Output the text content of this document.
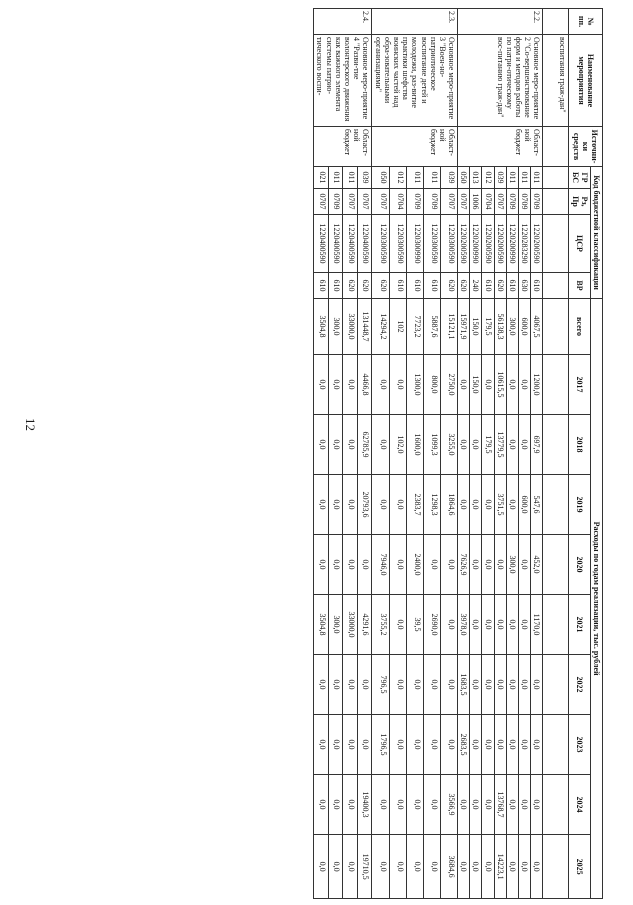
12
№ пп.	Наименование мероприятия	Источни-ки средств	Код бюджетной классификации				Расходы по годам реализации, тыс. рублей									
			ГР БС	Рз, Пр	ЦСР	ВР	всего	2017	2018	2019	2020	2021	2022	2023	2024	2025
	воспитания граж-дан"															
2.2.	Основное меро-приятие 2 "Со-вершенствование форм и методов работы по патри-отическому вос-питанию граж-дан"	Област-ной бюджет	011	0709	1220200590	610	4067,5	1200,0	697,9	547,6	452,0	1170,0	0,0	0,0	0,0	0,0
			011	0709	1220283290	630	600,0	0,0	0,0	600,0	0,0	0,0	0,0	0,0	0,0	0,0
			011	0709	1220200990	610	300,0	0,0	0,0	0,0	300,0	0,0	0,0	0,0	0,0	0,0
			039	0707	1220200590	620	56138,3	10615,5	13779,5	3751,5	0,0	0,0	0,0	0,0	13768,7	14223,1
			012	0704	1220200590	610	179,5	0,0	179,5	0,0	0,0	0,0	0,0	0,0	0,0	0,0
			013	1006	1220200990	240	150,0	150,0	0,0	0,0	0,0	0,0	0,0	0,0	0,0	0,0
			050	0707	1220200590	620	15971,9	0,0	0,0	0,0	7626,9	3978,0	1683,5	2683,5	0,0	0,0
2.3.	Основное меро-приятие 3 "Воен-но-патриотическое воспитание детей и молодежи, раз-витие практики шефства воинских частей над обра-зовательными организациями"	Област-ной бюджет	039	0707	1220300590	620	15121,1	2750,0	3255,0	1864,6	0,0	0,0	0,0	0,0	3566,9	3684,6
			011	0709	1220300590	610	5887,6	800,0	1099,3	1298,3	0,0	2690,0	0,0	0,0	0,0	0,0
			011	0709	1220300990	610	7723,2	1300,0	1600,0	2383,7	2400,0	39,5	0,0	0,0	0,0	0,0
			012	0704	1220300590	610	102	0,0	102,0	0,0	0,0	0,0	0,0	0,0	0,0	0,0
			050	0707	1220300590	620	14294,2	0,0	0,0	0,0	7946,0	3755,2	796,5	1796,5	0,0	0,0
2.4.	Основное меро-приятие 4 "Разви-тие волонтерского движения как важного элемента системы патрио-тического воспи-	Област-ной бюджет	039	0707	1220400590	620	131448,7	4466,8	62785,9	20793,6	0,0	4291,6	0,0	0,0	19400,3	19710,5
			011	0707	1220400590	620	33000,0	0,0	0,0	0,0	0,0	33000,0	0,0	0,0	0,0	0,0
			011	0709	1220400590	610	300,0	0,0	0,0	0,0	0,0	300,0	0,0	0,0	0,0	0,0
			021	0707	1220400590	610	3504,8	0,0	0,0	0,0	0,0	3504,8	0,0	0,0	0,0	0,0
